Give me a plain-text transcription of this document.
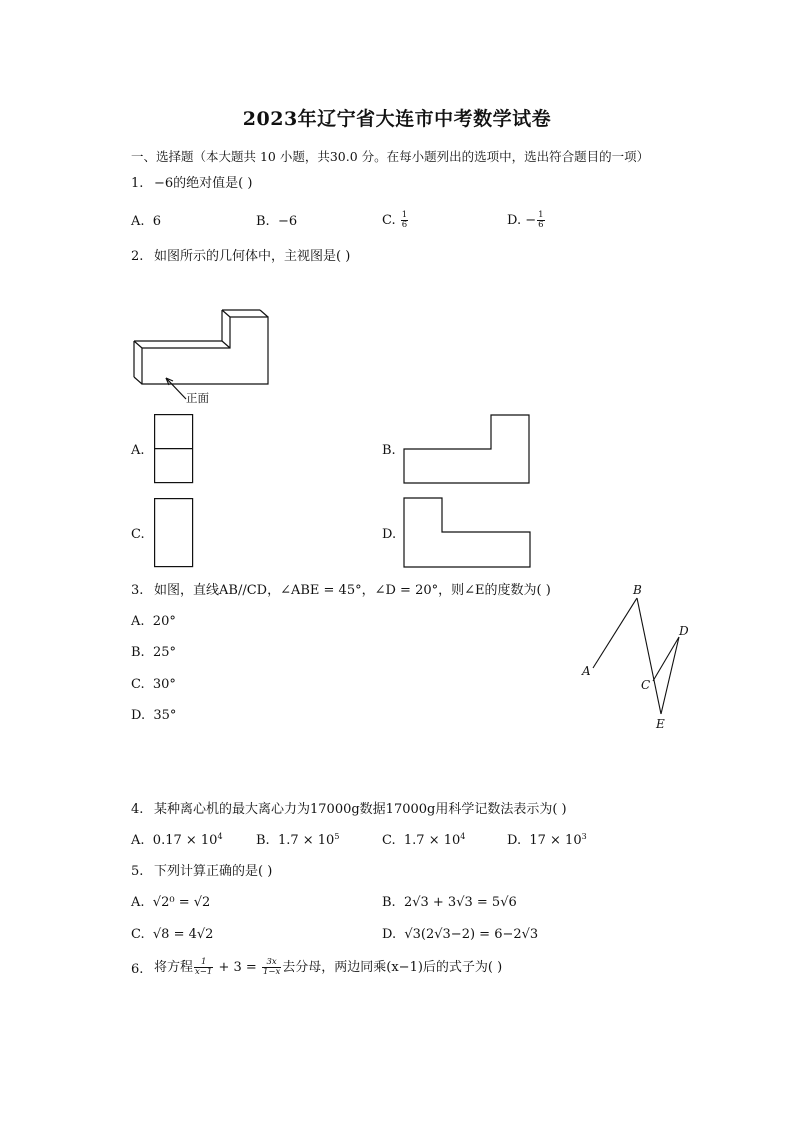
2023年辽宁省大连市中考数学试卷
一、选择题（本大题共 10 小题，共30.0 分。在每小题列出的选项中，选出符合题目的一项）
1. −6的绝对值是( )
A. 6	B. −6	C. $\frac{1}{6}$	D. − $\frac{1}{6}$
2. 如图所示的几何体中，主视图是( )
正面
A.	B.
C.	D.
3. 如图，直线AB//CD，∠ABE = 45°，∠D = 20°，则∠E的度数为( )
A. 20°
B. 25°
C. 30°
D. 35°
B
D
A
C
E
4. 某种离心机的最大离心力为17000g数据17000g用科学记数法表示为( )
A. $0.17 \times 10^4$	B. $1.7 \times 10^5$	C. $1.7 \times 10^4$	D. $17 \times 10^3$
5. 下列计算正确的是( )
A. √2⁰ = √2	B. 2√3 + 3√3 = 5√6
C. √8 = 4√2	D. √3(2√3−2) = 6−2√3
6. 将方程 $\frac{1}{x-1} + 3 = \frac{3x}{1-x}$ 去分母，两边同乘(x−1)后的式子为( )
